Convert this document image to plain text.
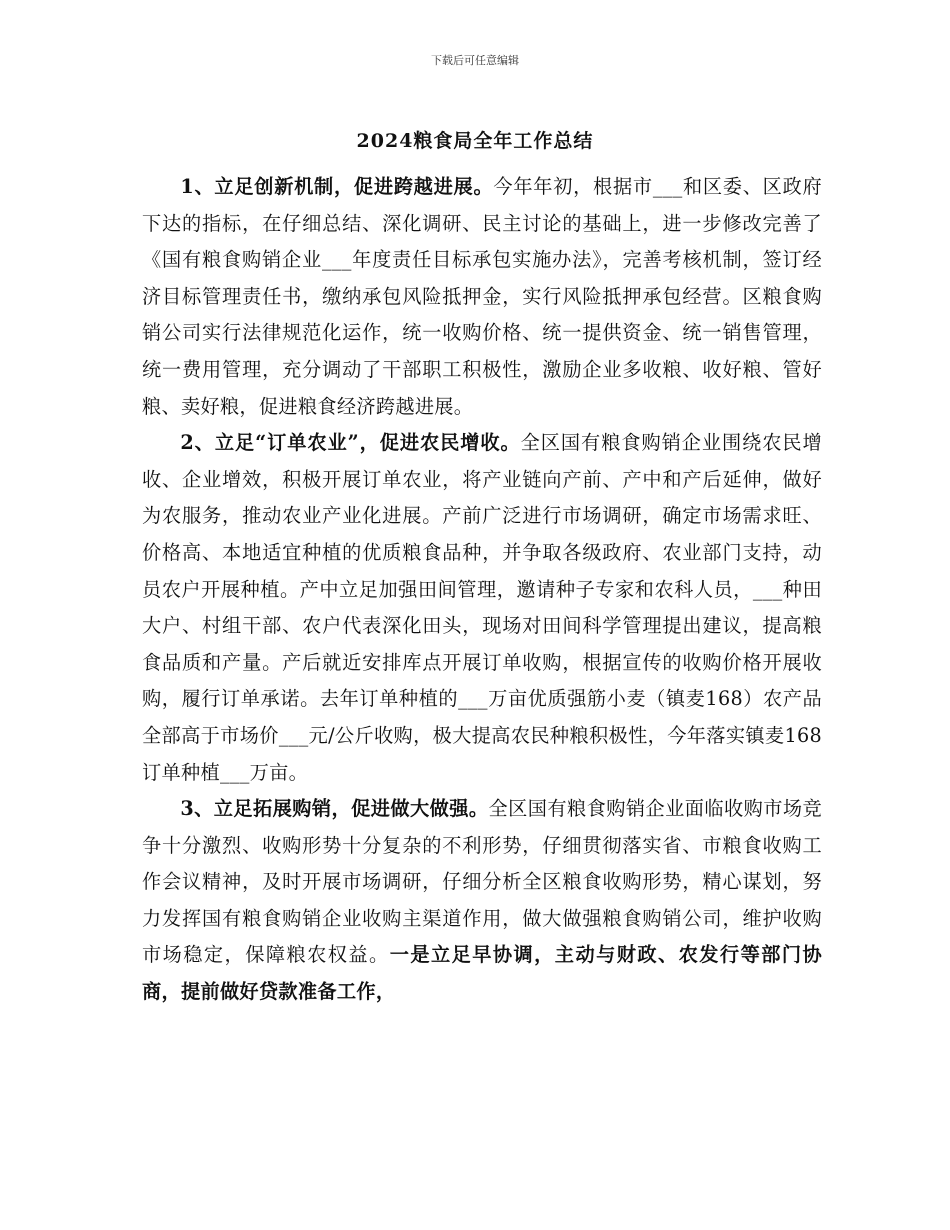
下载后可任意编辑
2024粮食局全年工作总结

1、立足创新机制，促进跨越进展。今年年初，根据市___和区委、区政府下达的指标，在仔细总结、深化调研、民主讨论的基础上，进一步修改完善了《国有粮食购销企业___年度责任目标承包实施办法》，完善考核机制，签订经济目标管理责任书，缴纳承包风险抵押金，实行风险抵押承包经营。区粮食购销公司实行法律规范化运作，统一收购价格、统一提供资金、统一销售管理，统一费用管理，充分调动了干部职工积极性，激励企业多收粮、收好粮、管好粮、卖好粮，促进粮食经济跨越进展。

2、立足“订单农业”，促进农民增收。全区国有粮食购销企业围绕农民增收、企业增效，积极开展订单农业，将产业链向产前、产中和产后延伸，做好为农服务，推动农业产业化进展。产前广泛进行市场调研，确定市场需求旺、价格高、本地适宜种植的优质粮食品种，并争取各级政府、农业部门支持，动员农户开展种植。产中立足加强田间管理，邀请种子专家和农科人员，___种田大户、村组干部、农户代表深化田头，现场对田间科学管理提出建议，提高粮食品质和产量。产后就近安排库点开展订单收购，根据宣传的收购价格开展收购，履行订单承诺。去年订单种植的___万亩优质强筋小麦（镇麦168）农产品全部高于市场价___元/公斤收购，极大提高农民种粮积极性，今年落实镇麦168订单种植___万亩。

3、立足拓展购销，促进做大做强。全区国有粮食购销企业面临收购市场竞争十分激烈、收购形势十分复杂的不利形势，仔细贯彻落实省、市粮食收购工作会议精神，及时开展市场调研，仔细分析全区粮食收购形势，精心谋划，努力发挥国有粮食购销企业收购主渠道作用，做大做强粮食购销公司，维护收购市场稳定，保障粮农权益。一是立足早协调，主动与财政、农发行等部门协商，提前做好贷款准备工作，
